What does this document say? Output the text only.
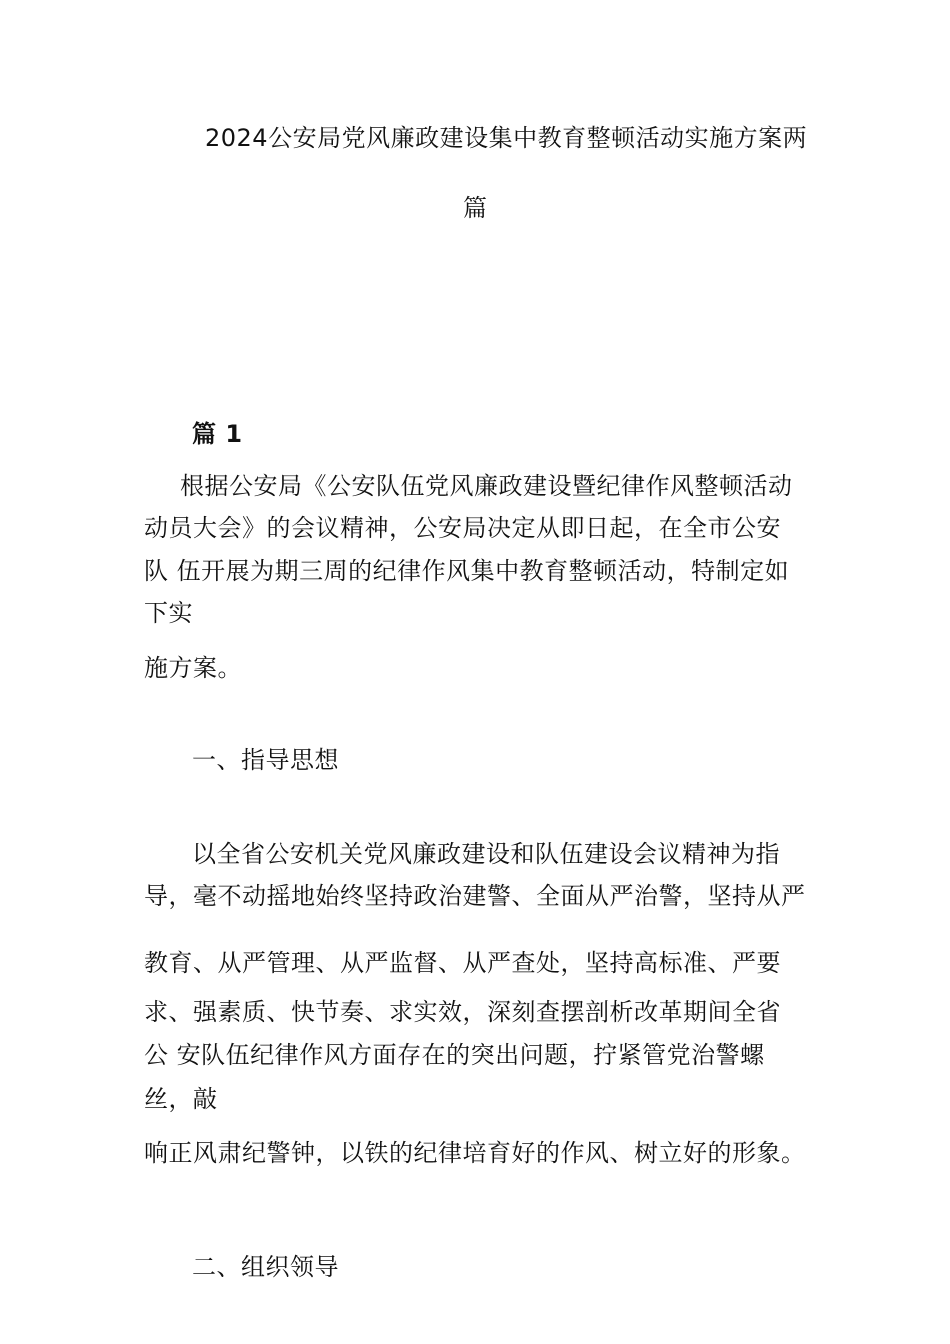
2024公安局党风廉政建设集中教育整顿活动实施方案两
篇
篇 1
根据公安局《公安队伍党风廉政建设暨纪律作风整顿活动
动员大会》的会议精神，公安局决定从即日起，在全市公安
队 伍开展为期三周的纪律作风集中教育整顿活动，特制定如
下实
施方案。
一、指导思想
以全省公安机关党风廉政建设和队伍建设会议精神为指
导，毫不动摇地始终坚持政治建警、全面从严治警，坚持从严
教育、从严管理、从严监督、从严查处，坚持高标准、严要
求、强素质、快节奏、求实效，深刻查摆剖析改革期间全省
公 安队伍纪律作风方面存在的突出问题，拧紧管党治警螺
丝，敲
响正风肃纪警钟，以铁的纪律培育好的作风、树立好的形象。
二、组织领导
